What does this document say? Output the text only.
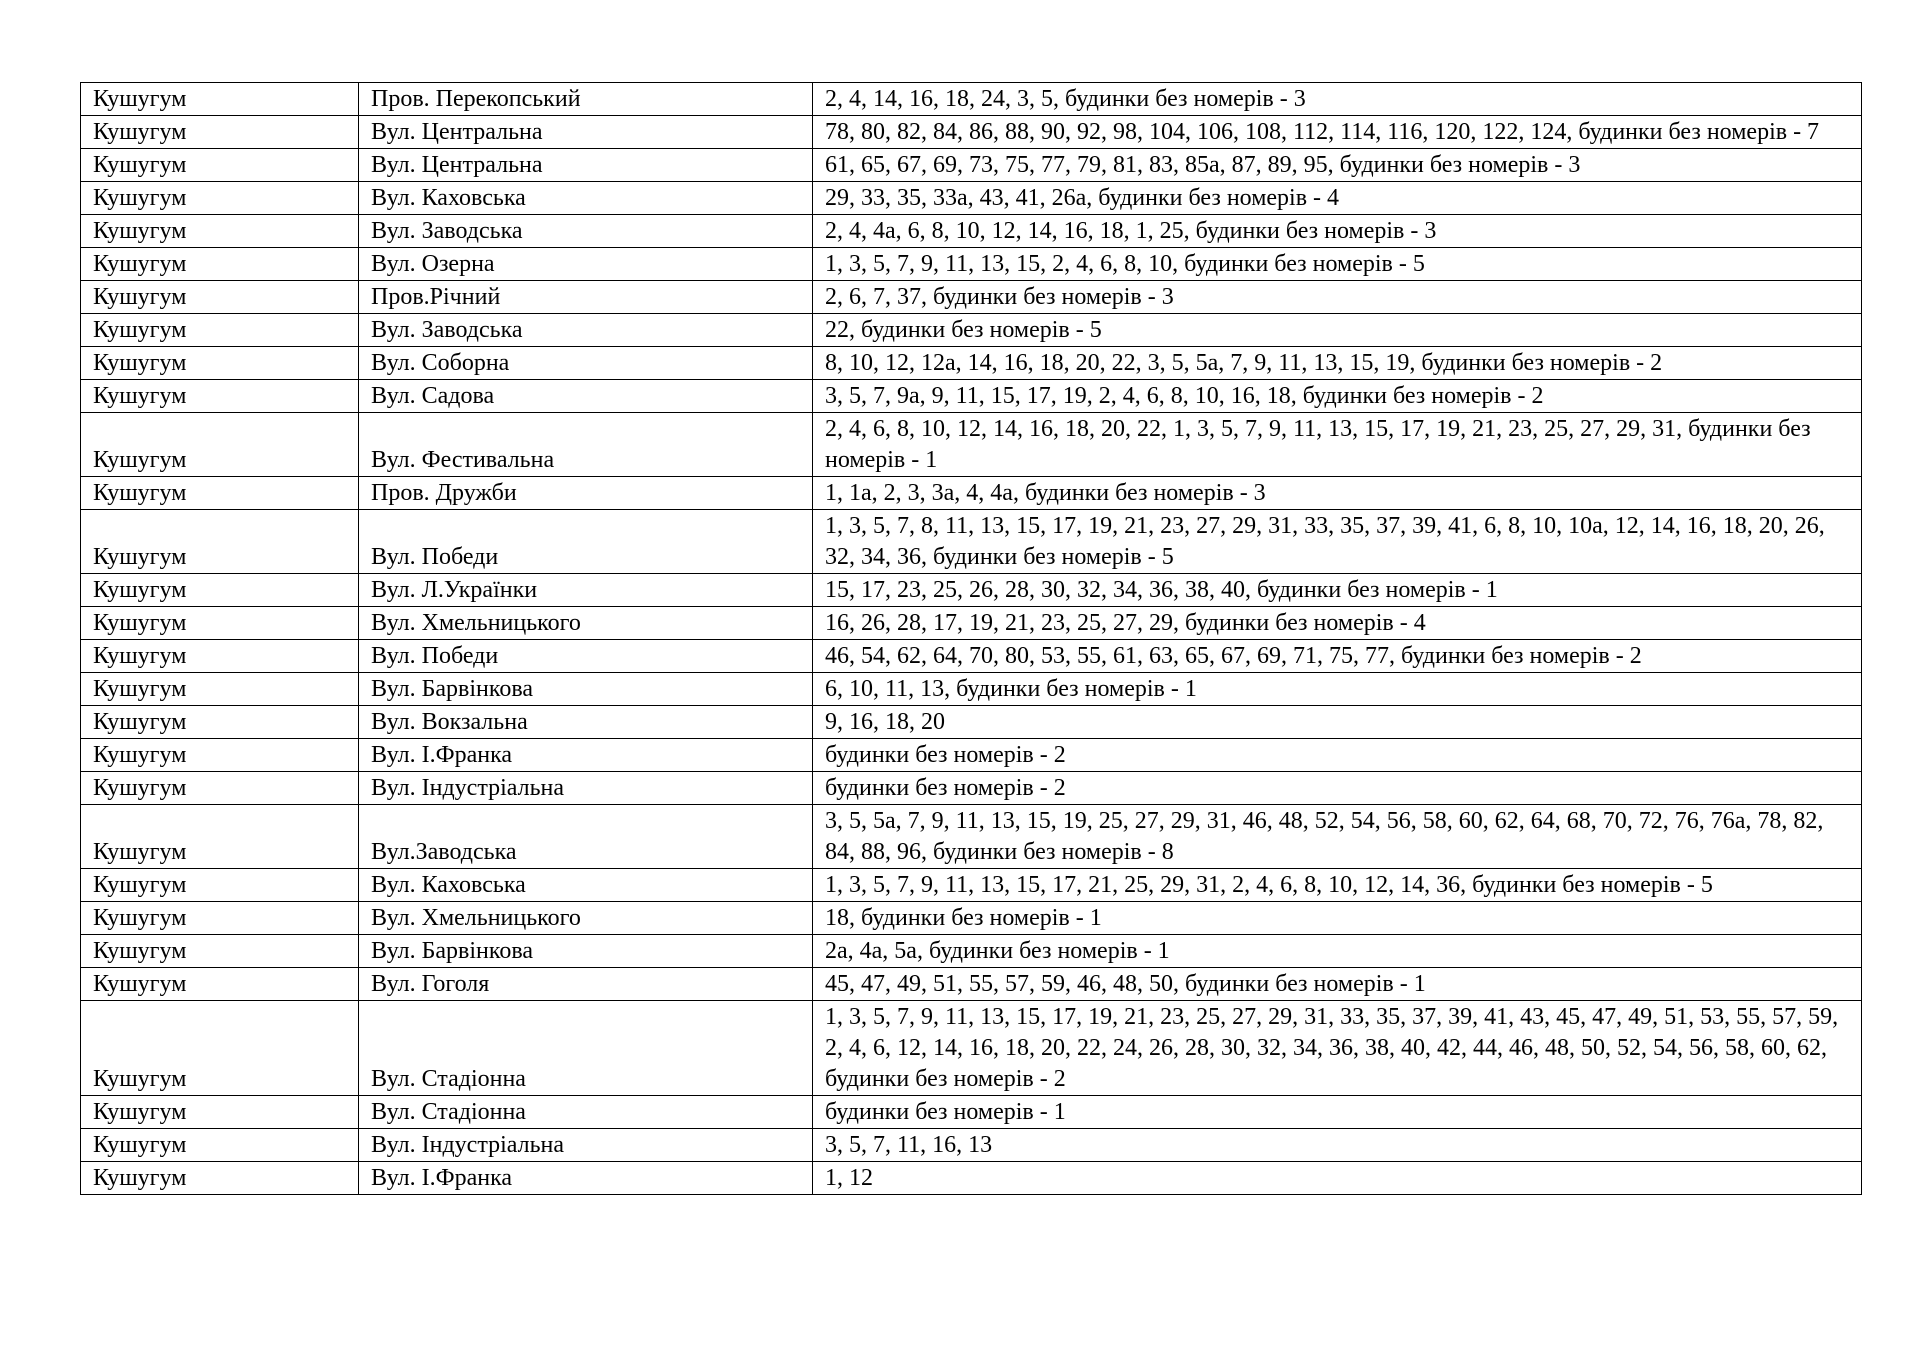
Кушугум	Пров. Перекопський	2, 4, 14, 16, 18, 24, 3, 5, будинки без номерів - 3
Кушугум	Вул. Центральна	78, 80, 82, 84, 86, 88, 90, 92, 98, 104, 106, 108, 112, 114, 116, 120, 122, 124, будинки без номерів - 7
Кушугум	Вул. Центральна	61, 65, 67, 69, 73, 75, 77, 79, 81, 83, 85а, 87, 89, 95, будинки без номерів - 3
Кушугум	Вул. Каховська	29, 33, 35, 33а, 43, 41, 26а, будинки без номерів - 4
Кушугум	Вул. Заводська	2, 4, 4а, 6, 8, 10, 12, 14, 16, 18, 1, 25, будинки без номерів - 3
Кушугум	Вул. Озерна	1, 3, 5, 7, 9, 11, 13, 15, 2, 4, 6, 8, 10, будинки без номерів - 5
Кушугум	Пров.Річний	2, 6, 7, 37, будинки без номерів - 3
Кушугум	Вул. Заводська	22, будинки без номерів - 5
Кушугум	Вул. Соборна	8, 10, 12, 12а, 14, 16, 18, 20, 22, 3, 5, 5а, 7, 9, 11, 13, 15, 19, будинки без номерів - 2
Кушугум	Вул. Садова	3, 5, 7, 9а, 9, 11, 15, 17, 19, 2, 4, 6, 8, 10, 16, 18, будинки без номерів - 2
Кушугум	Вул. Фестивальна	2, 4, 6, 8, 10, 12, 14, 16, 18, 20, 22, 1, 3, 5, 7, 9, 11, 13, 15, 17, 19, 21, 23, 25, 27, 29, 31, будинки без номерів - 1
Кушугум	Пров. Дружби	1, 1а, 2, 3, 3а, 4, 4а, будинки без номерів - 3
Кушугум	Вул. Победи	1, 3, 5, 7, 8, 11, 13, 15, 17, 19, 21, 23, 27, 29, 31, 33, 35, 37, 39, 41, 6, 8, 10, 10а, 12, 14, 16, 18, 20, 26, 32, 34, 36, будинки без номерів - 5
Кушугум	Вул. Л.Українки	15, 17, 23, 25, 26, 28, 30, 32, 34, 36, 38, 40, будинки без номерів - 1
Кушугум	Вул. Хмельницького	16, 26, 28, 17, 19, 21, 23, 25, 27, 29, будинки без номерів - 4
Кушугум	Вул. Победи	46, 54, 62, 64, 70, 80, 53, 55, 61, 63, 65, 67, 69, 71, 75, 77, будинки без номерів - 2
Кушугум	Вул. Барвінкова	6, 10, 11, 13, будинки без номерів - 1
Кушугум	Вул. Вокзальна	9, 16, 18, 20
Кушугум	Вул. І.Франка	будинки без номерів - 2
Кушугум	Вул. Індустріальна	будинки без номерів - 2
Кушугум	Вул.Заводська	3, 5, 5а, 7, 9, 11, 13, 15, 19, 25, 27, 29, 31, 46, 48, 52, 54, 56, 58, 60, 62, 64, 68, 70, 72, 76, 76а, 78, 82, 84, 88, 96, будинки без номерів - 8
Кушугум	Вул. Каховська	1, 3, 5, 7, 9, 11, 13, 15, 17, 21, 25, 29, 31, 2, 4, 6, 8, 10, 12, 14, 36, будинки без номерів - 5
Кушугум	Вул. Хмельницького	18, будинки без номерів - 1
Кушугум	Вул. Барвінкова	2а, 4а, 5а, будинки без номерів - 1
Кушугум	Вул. Гоголя	45, 47, 49, 51, 55, 57, 59, 46, 48, 50, будинки без номерів - 1
Кушугум	Вул. Стадіонна	1, 3, 5, 7, 9, 11, 13, 15, 17, 19, 21, 23, 25, 27, 29, 31, 33, 35, 37, 39, 41, 43, 45, 47, 49, 51, 53, 55, 57, 59, 2, 4, 6, 12, 14, 16, 18, 20, 22, 24, 26, 28, 30, 32, 34, 36, 38, 40, 42, 44, 46, 48, 50, 52, 54, 56, 58, 60, 62, будинки без номерів - 2
Кушугум	Вул. Стадіонна	будинки без номерів - 1
Кушугум	Вул. Індустріальна	3, 5, 7, 11, 16, 13
Кушугум	Вул. І.Франка	1, 12
